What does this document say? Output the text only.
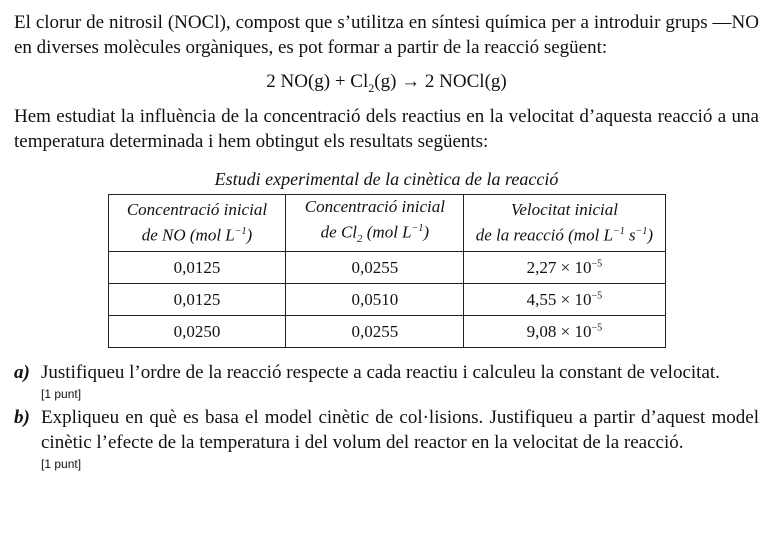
El clorur de nitrosil (NOCl), compost que s’utilitza en síntesi química per a introduir grups ―NO en diverses molècules orgàniques, es pot formar a partir de la reacció següent:

2 $NO(g) + Cl_2(g) \to 2$ NOCl(g)

Hem estudiat la influència de la concentració dels reactius en la velocitat d’aquesta reacció a una temperatura determinada i hem obtingut els resultats següents:

Estudi experimental de la cinètica de la reacció
Concentració inicial
de NO (mol $L^{-1}$)	Concentració inicial
de $Cl_2$ (mol $L^{-1}$)	Velocitat inicial
de la reacció (mol $L^{-1}$ $s^{-1}$)
0,0125	0,0255	$2,27 \times 10^{-5}$
0,0125	0,0510	$4,55 \times 10^{-5}$
0,0250	0,0255	$9,08 \times 10^{-5}$
a) Justifiqueu l’ordre de la reacció respecte a cada reactiu i calculeu la constant de velocitat.

[1 punt]

b) Expliqueu en què es basa el model cinètic de col·lisions. Justifiqueu a partir d’aquest model cinètic l’efecte de la temperatura i del volum del reactor en la velocitat de la reacció.

[1 punt]
